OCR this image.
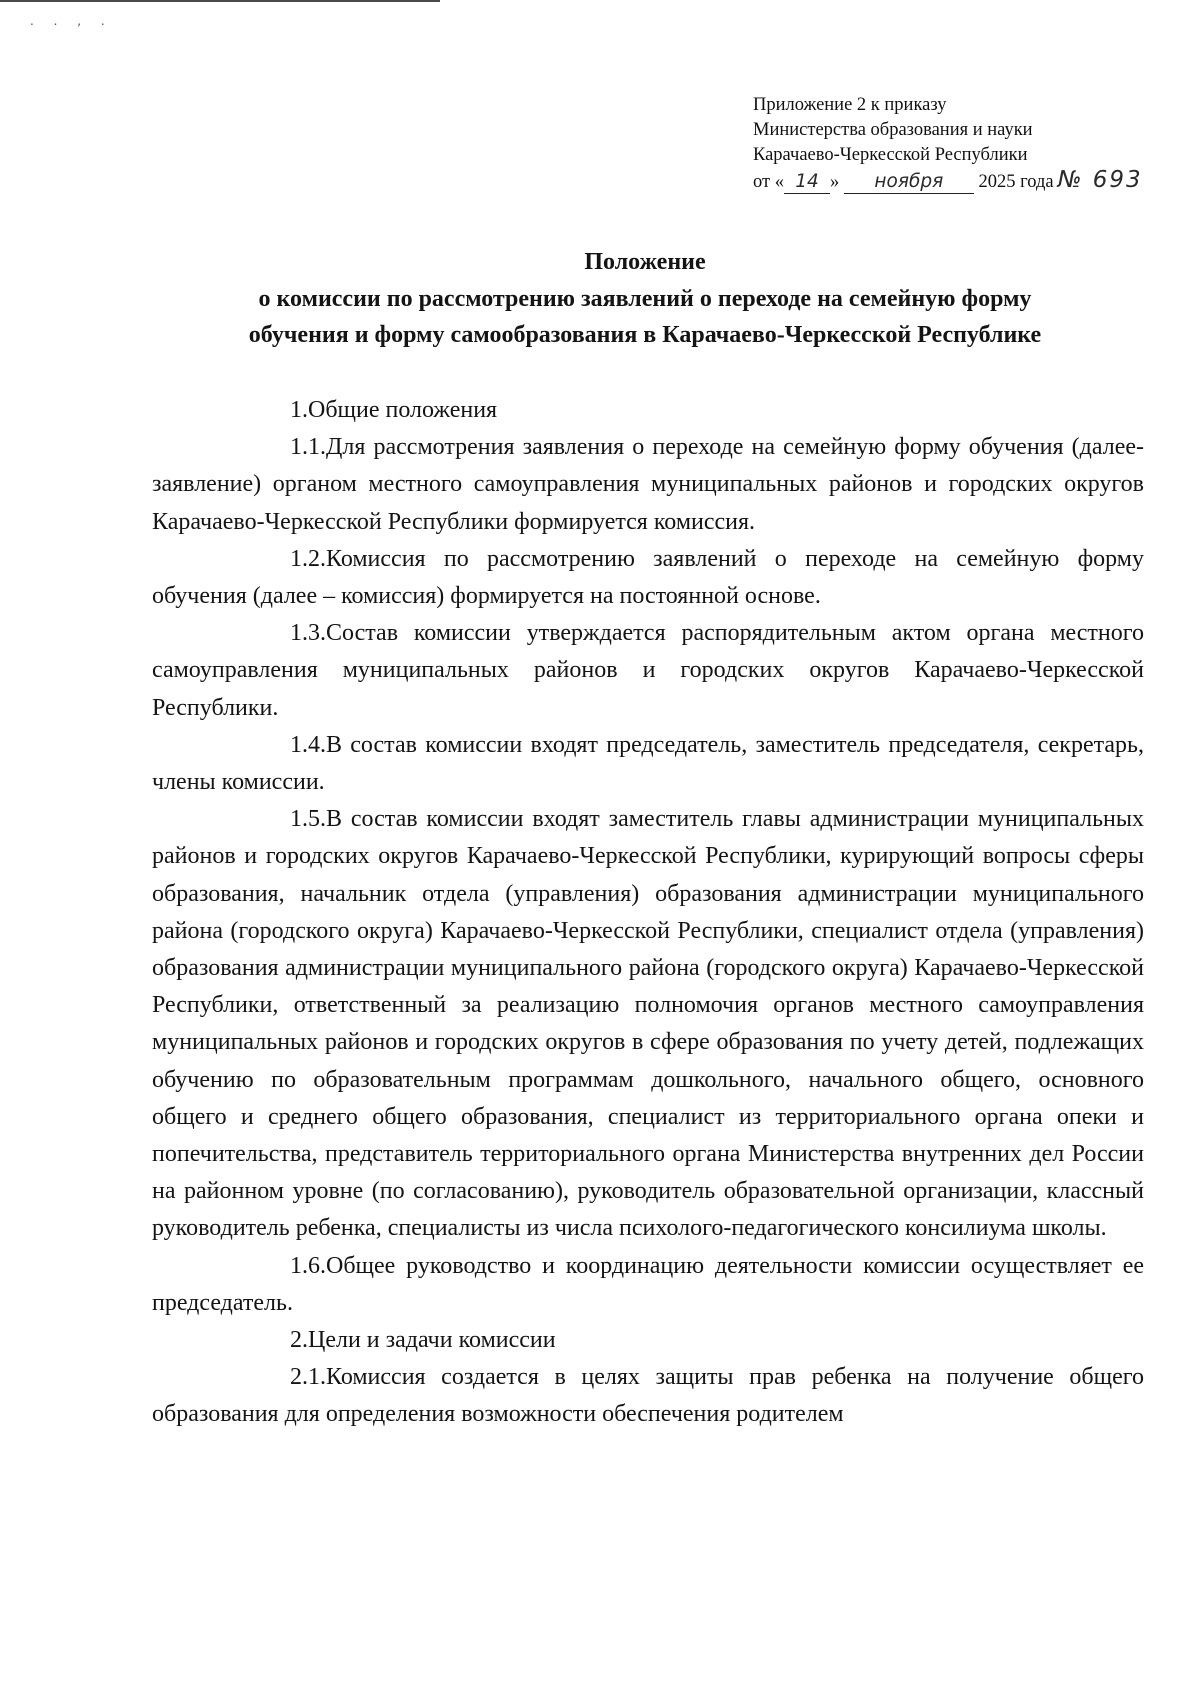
. . , .
Приложение 2 к приказу
Министерства образования и науки
Карачаево-Черкесской Республики
от « 14 » ноября 2025 года № 693
Положение
о комиссии по рассмотрению заявлений о переходе на семейную форму
обучения и форму самообразования в Карачаево-Черкесской Республике

1.Общие положения

1.1.Для рассмотрения заявления о переходе на семейную форму обучения (далее- заявление) органом местного самоуправления муниципальных районов и городских округов Карачаево-Черкесской Республики формируется комиссия.

1.2.Комиссия по рассмотрению заявлений о переходе на семейную форму обучения (далее – комиссия) формируется на постоянной основе.

1.3.Состав комиссии утверждается распорядительным актом органа местного самоуправления муниципальных районов и городских округов Карачаево-Черкесской Республики.

1.4.В состав комиссии входят председатель, заместитель председателя, секретарь, члены комиссии.

1.5.В состав комиссии входят заместитель главы администрации муниципальных районов и городских округов Карачаево-Черкесской Республики, курирующий вопросы сферы образования, начальник отдела (управления) образования администрации муниципального района (городского округа) Карачаево-Черкесской Республики, специалист отдела (управления) образования администрации муниципального района (городского округа) Карачаево-Черкесской Республики, ответственный за реализацию полномочия органов местного самоуправления муниципальных районов и городских округов в сфере образования по учету детей, подлежащих обучению по образовательным программам дошкольного, начального общего, основного общего и среднего общего образования, специалист из территориального органа опеки и попечительства, представитель территориального органа Министерства внутренних дел России на районном уровне (по согласованию), руководитель образовательной организации, классный руководитель ребенка, специалисты из числа психолого-педагогического консилиума школы.

1.6.Общее руководство и координацию деятельности комиссии осуществляет ее председатель.

2.Цели и задачи комиссии

2.1.Комиссия создается в целях защиты прав ребенка на получение общего образования для определения возможности обеспечения родителем
